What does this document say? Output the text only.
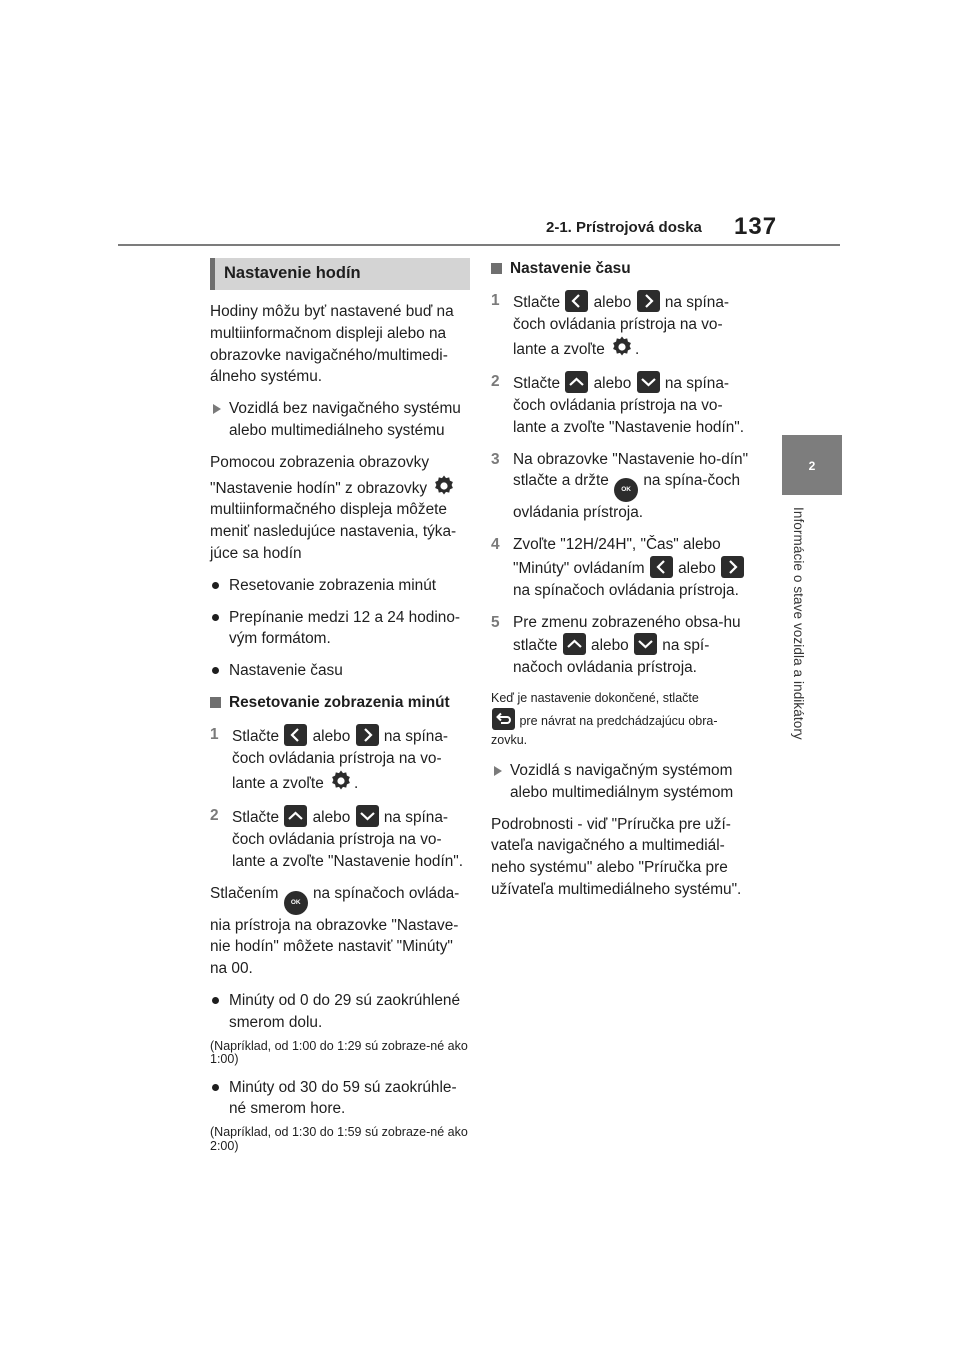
2-1. Prístrojová doska 137
2
Informácie o stave vozidla a indikátory
Nastavenie hodín

Hodiny môžu byť nastavené buď na multiinformačnom displeji alebo na obrazovke navigačného/multimedi-álneho systému.

Vozidlá bez navigačného systému alebo multimediálneho systému

Pomocou zobrazenia obrazovky "Nastavenie hodín" z obrazovky  multiinformačného displeja môžete meniť nasledujúce nastavenia, týka-júce sa hodín

Resetovanie zobrazenia minút
Prepínanie medzi 12 a 24 hodino-vým formátom.
Nastavenie času
Resetovanie zobrazenia minút
1 Stlačte alebo na spína-čoch ovládania prístroja na vo-lante a zvoľte .
2 Stlačte alebo na spína-čoch ovládania prístroja na vo-lante a zvoľte "Nastavenie hodín".

Stlačením OK na spínačoch ovláda-nia prístroja na obrazovke "Nastave-nie hodín" môžete nastaviť "Minúty" na 00.

Minúty od 0 do 29 sú zaokrúhlené smerom dolu.

(Napríklad, od 1:00 do 1:29 sú zobraze-né ako 1:00)

Minúty od 30 do 59 sú zaokrúhle-né smerom hore.

(Napríklad, od 1:30 do 1:59 sú zobraze-né ako 2:00)

Nastavenie času
1 Stlačte alebo na spína-čoch ovládania prístroja na vo-lante a zvoľte .
2 Stlačte alebo na spína-čoch ovládania prístroja na vo-lante a zvoľte "Nastavenie hodín".
3 Na obrazovke "Nastavenie ho-dín" stlačte a držte OK na spína-čoch ovládania prístroja.
4 Zvoľte "12H/24H", "Čas" alebo "Minúty" ovládaním alebo
na spínačoch ovládania prístroja.
5 Pre zmenu zobrazeného obsa-hu stlačte alebo na spí-načoch ovládania prístroja.

Keď je nastavenie dokončené, stlačte

pre návrat na predchádzajúcu obra-zovku.

Vozidlá s navigačným systémom alebo multimediálnym systémom

Podrobnosti - viď "Príručka pre uží-vateľa navigačného a multimediál-neho systému" alebo "Príručka pre užívateľa multimediálneho systému".
